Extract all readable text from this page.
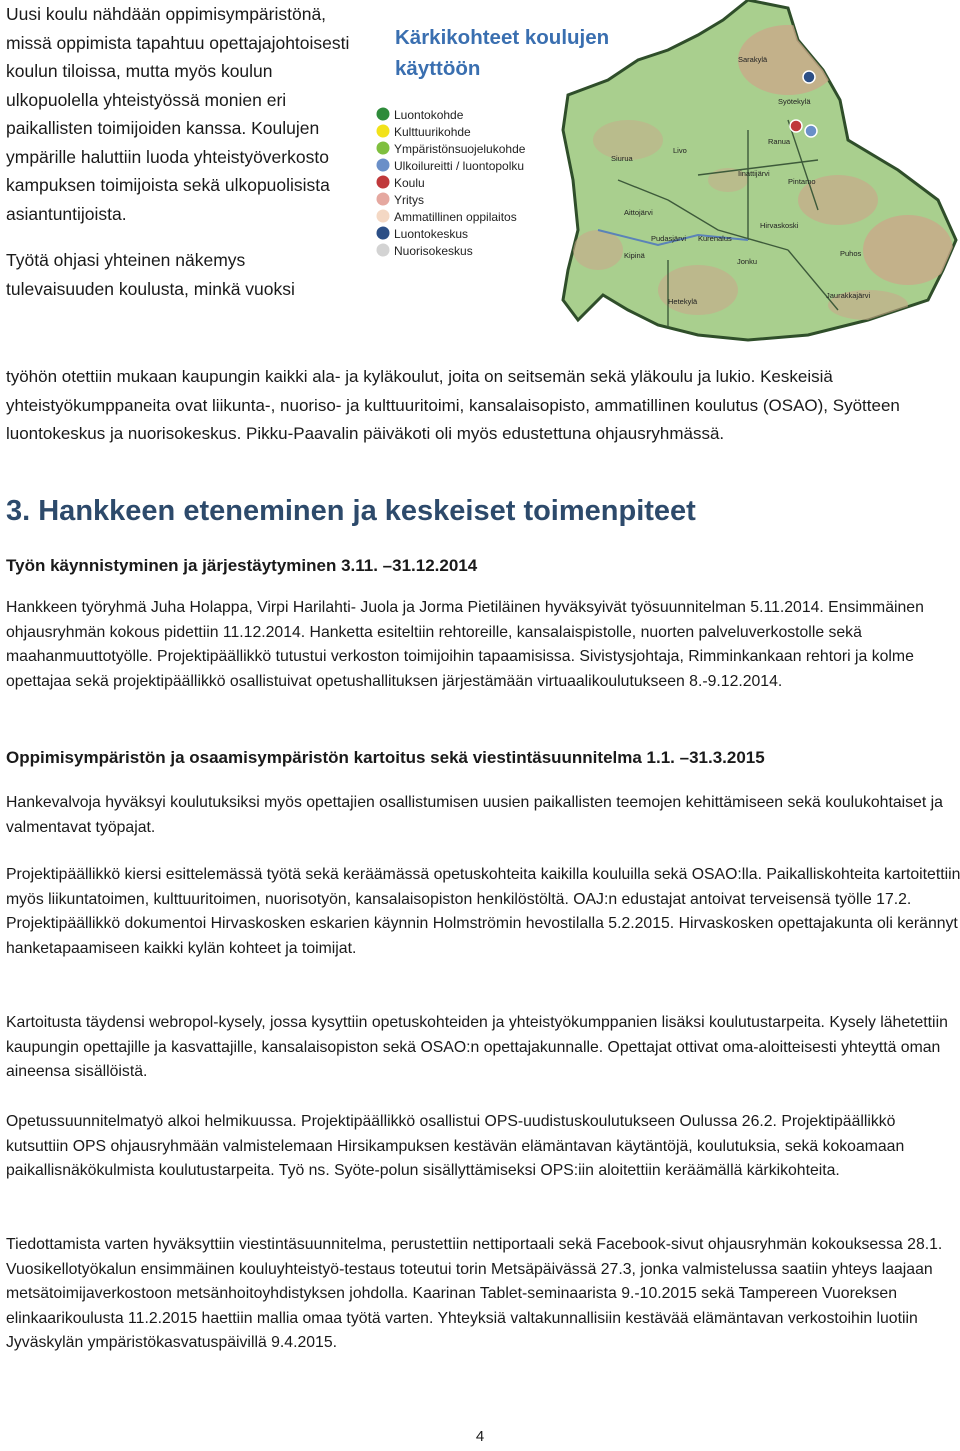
Uusi koulu nähdään oppimisympäristönä, missä oppimista tapahtuu opettajajohtoisesti koulun tiloissa, mutta myös koulun ulkopuolella yhteistyössä monien eri paikallisten toimijoiden kanssa. Koulujen ympärille haluttiin luoda yhteistyöverkosto kampuksen toimijoista sekä ulkopuolisista asiantuntijoista.

Työtä ohjasi yhteinen näkemys tulevaisuuden koulusta, minkä vuoksi

Kärkikohteet koulujen
käyttöön
Luontokohde
Kulttuurikohde
Ympäristönsuojelukohde
Ulkoilureitti / luontopolku
Koulu
Yritys
Ammatillinen oppilaitos
Luontokeskus
Nuorisokeskus
Sarakylä
Syötekylä
Siurua
Livo
Ranua
Iinattijärvi
Pintamo
Aittojärvi
Pudasjärvi Kurenalus
Hirvaskoski
Kipinä
Jonku
Puhos
Hetekylä
Jaurakkajärvi

työhön otettiin mukaan kaupungin kaikki ala- ja kyläkoulut, joita on seitsemän sekä yläkoulu ja lukio. Keskeisiä yhteistyökumppaneita ovat liikunta-, nuoriso- ja kulttuuritoimi, kansalaisopisto, ammatillinen koulutus (OSAO), Syötteen luontokeskus ja nuorisokeskus. Pikku-Paavalin päiväkoti oli myös edustettuna ohjausryhmässä.

3. Hankkeen eteneminen ja keskeiset toimenpiteet
Työn käynnistyminen ja järjestäytyminen 3.11. –31.12.2014

Hankkeen työryhmä Juha Holappa, Virpi Harilahti- Juola ja Jorma Pietiläinen hyväksyivät työsuunnitelman 5.11.2014. Ensimmäinen ohjausryhmän kokous pidettiin 11.12.2014. Hanketta esiteltiin rehtoreille, kansalaispistolle, nuorten palveluverkostolle sekä maahanmuuttotyölle. Projektipäällikkö tutustui verkoston toimijoihin tapaamisissa. Sivistysjohtaja, Rimminkankaan rehtori ja kolme opettajaa sekä projektipäällikkö osallistuivat opetushallituksen järjestämään virtuaalikoulutukseen 8.-9.12.2014.

Oppimisympäristön ja osaamisympäristön kartoitus sekä viestintäsuunnitelma 1.1. –31.3.2015

Hankevalvoja hyväksyi koulutuksiksi myös opettajien osallistumisen uusien paikallisten teemojen kehittämiseen sekä koulukohtaiset ja valmentavat työpajat.

Projektipäällikkö kiersi esittelemässä työtä sekä keräämässä opetuskohteita kaikilla kouluilla sekä OSAO:lla. Paikalliskohteita kartoitettiin myös liikuntatoimen, kulttuuritoimen, nuorisotyön, kansalaisopiston henkilöstöltä. OAJ:n edustajat antoivat terveisensä työlle 17.2. Projektipäällikkö dokumentoi Hirvaskosken eskarien käynnin Holmströmin hevostilalla 5.2.2015. Hirvaskosken opettajakunta oli kerännyt hanketapaamiseen kaikki kylän kohteet ja toimijat.

Kartoitusta täydensi webropol-kysely, jossa kysyttiin opetuskohteiden ja yhteistyökumppanien lisäksi koulutustarpeita. Kysely lähetettiin kaupungin opettajille ja kasvattajille, kansalaisopiston sekä OSAO:n opettajakunnalle. Opettajat ottivat oma-aloitteisesti yhteyttä oman aineensa sisällöistä.

Opetussuunnitelmatyö alkoi helmikuussa. Projektipäällikkö osallistui OPS-uudistuskoulutukseen Oulussa 26.2. Projektipäällikkö kutsuttiin OPS ohjausryhmään valmistelemaan Hirsikampuksen kestävän elämäntavan käytäntöjä, koulutuksia, sekä kokoamaan paikallisnäkökulmista koulutustarpeita. Työ ns. Syöte-polun sisällyttämiseksi OPS:iin aloitettiin keräämällä kärkikohteita.

Tiedottamista varten hyväksyttiin viestintäsuunnitelma, perustettiin nettiportaali sekä Facebook-sivut ohjausryhmän kokouksessa 28.1. Vuosikellotyökalun ensimmäinen kouluyhteistyö-testaus toteutui torin Metsäpäivässä 27.3, jonka valmistelussa saatiin yhteys laajaan metsätoimijaverkostoon metsänhoitoyhdistyksen johdolla. Kaarinan Tablet-seminaarista 9.-10.2015 sekä Tampereen Vuoreksen elinkaarikoulusta 11.2.2015 haettiin mallia omaa työtä varten. Yhteyksiä valtakunnallisiin kestävää elämäntavan verkostoihin luotiin Jyväskylän ympäristökasvatuspäivillä 9.4.2015.

4
